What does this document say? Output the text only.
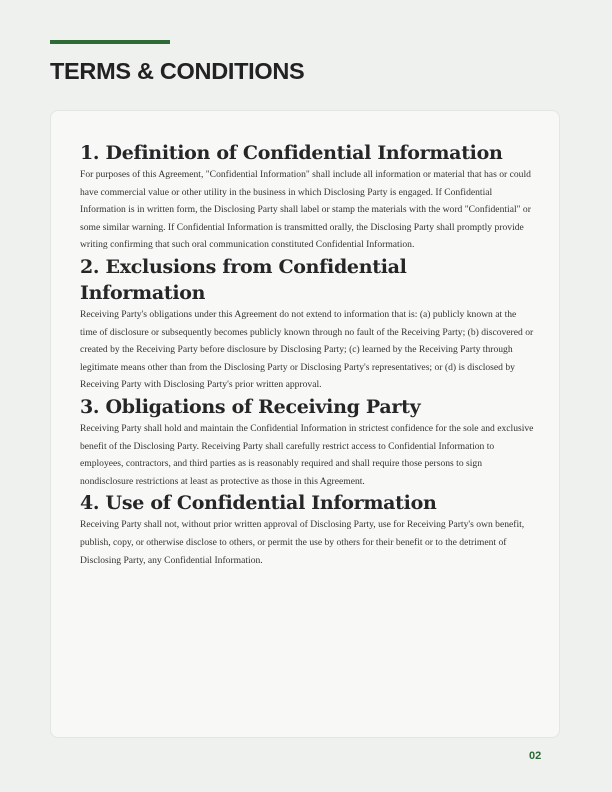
TERMS & CONDITIONS
1. Definition of Confidential Information

For purposes of this Agreement, "Confidential Information" shall include all information or material that has or could have commercial value or other utility in the business in which Disclosing Party is engaged. If Confidential Information is in written form, the Disclosing Party shall label or stamp the materials with the word "Confidential" or some similar warning. If Confidential Information is transmitted orally, the Disclosing Party shall promptly provide writing confirming that such oral communication constituted Confidential Information.

2. Exclusions from Confidential Information

Receiving Party's obligations under this Agreement do not extend to information that is: (a) publicly known at the time of disclosure or subsequently becomes publicly known through no fault of the Receiving Party; (b) discovered or created by the Receiving Party before disclosure by Disclosing Party; (c) learned by the Receiving Party through legitimate means other than from the Disclosing Party or Disclosing Party's representatives; or (d) is disclosed by Receiving Party with Disclosing Party's prior written approval.

3. Obligations of Receiving Party

Receiving Party shall hold and maintain the Confidential Information in strictest confidence for the sole and exclusive benefit of the Disclosing Party. Receiving Party shall carefully restrict access to Confidential Information to employees, contractors, and third parties as is reasonably required and shall require those persons to sign nondisclosure restrictions at least as protective as those in this Agreement.

4. Use of Confidential Information

Receiving Party shall not, without prior written approval of Disclosing Party, use for Receiving Party's own benefit, publish, copy, or otherwise disclose to others, or permit the use by others for their benefit or to the detriment of Disclosing Party, any Confidential Information.

02
